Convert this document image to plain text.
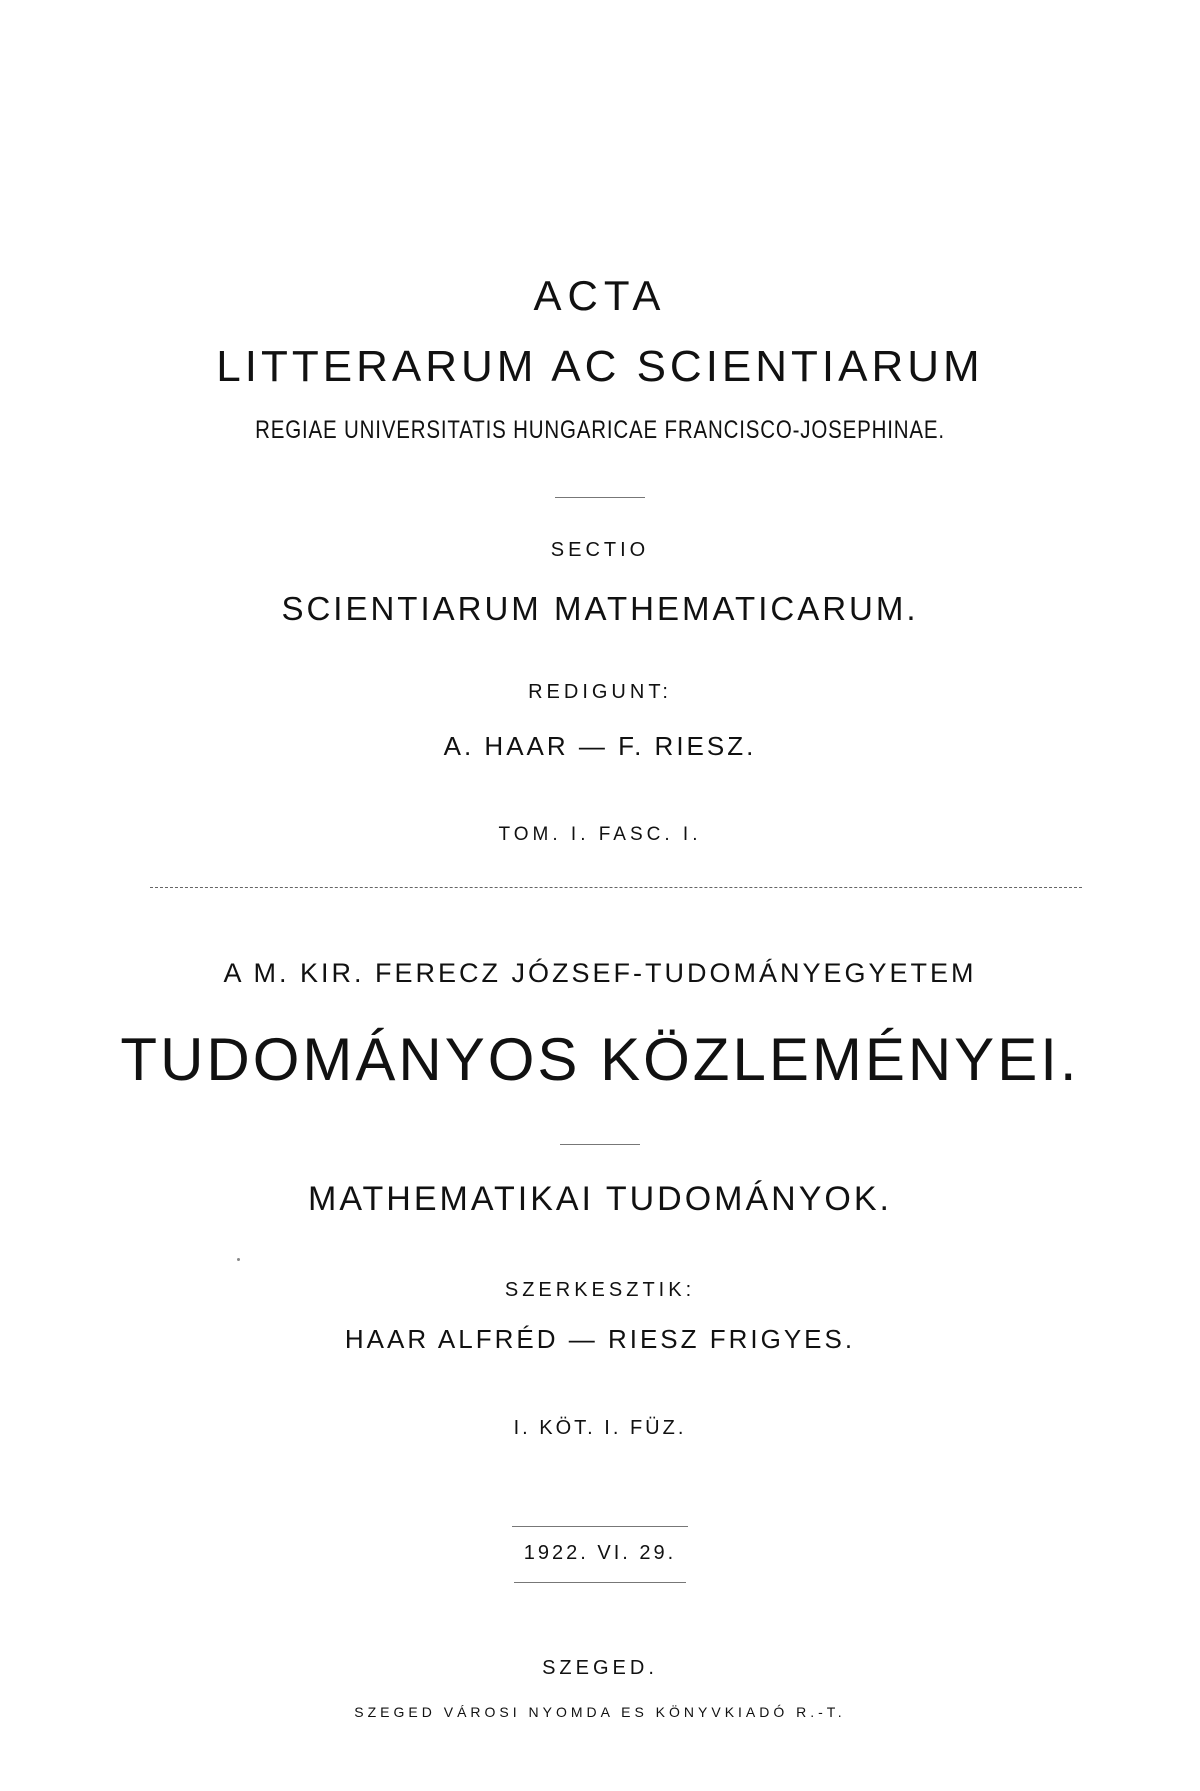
ACTA
LITTERARUM AC SCIENTIARUM
REGIAE UNIVERSITATIS HUNGARICAE FRANCISCO-JOSEPHINAE.
SECTIO
SCIENTIARUM MATHEMATICARUM.
REDIGUNT:
A. HAAR — F. RIESZ.
TOM. I. FASC. I.
A M. KIR. FERECZ JÓZSEF-TUDOMÁNYEGYETEM
TUDOMÁNYOS KÖZLEMÉNYEI.
MATHEMATIKAI TUDOMÁNYOK.
SZERKESZTIK:
HAAR ALFRÉD — RIESZ FRIGYES.
I. KÖT. I. FÜZ.
1922. VI. 29.
SZEGED.
SZEGED VÁROSI NYOMDA ES KÖNYVKIADÓ R.-T.
